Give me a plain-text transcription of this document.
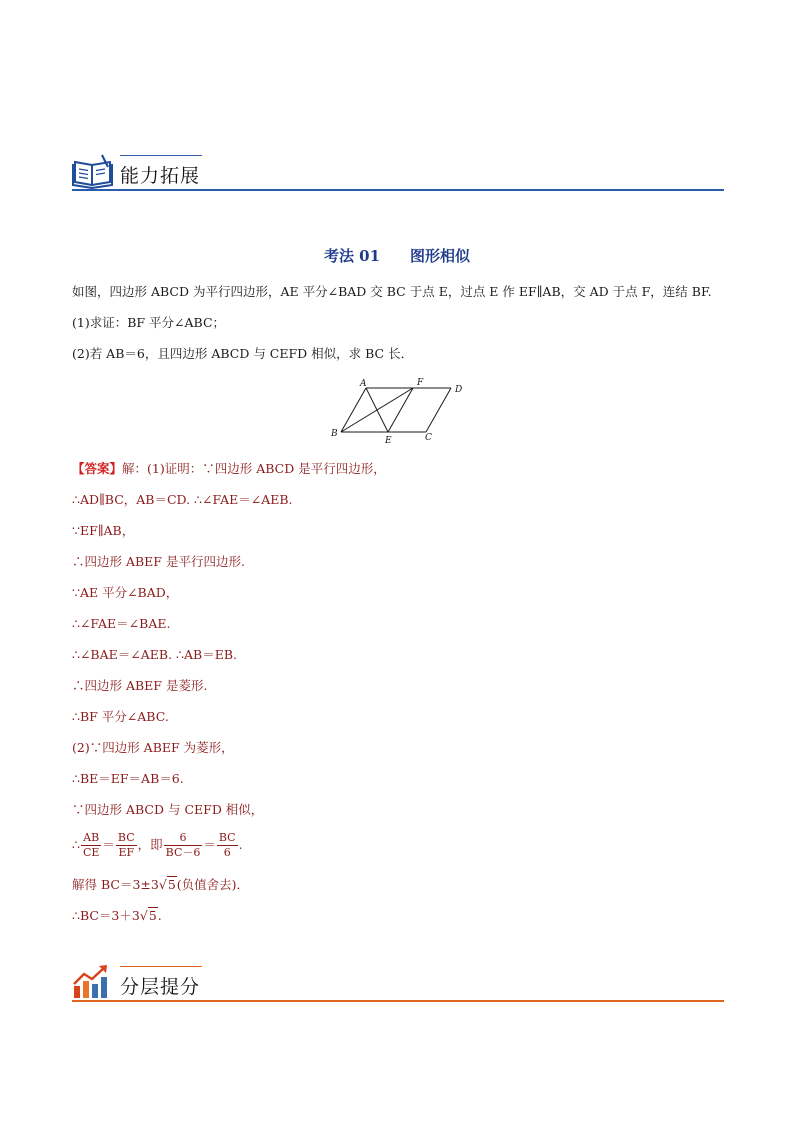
能力拓展
考法 01 图形相似
如图，四边形 ABCD 为平行四边形，AE 平分∠BAD 交 BC 于点 E，过点 E 作 EF∥AB，交 AD 于点 F，连结 BF.
(1)求证：BF 平分∠ABC；
(2)若 AB＝6，且四边形 ABCD 与 CEFD 相似，求 BC 长．
A	F
D
B
E	C
【答案】解：(1)证明：∵四边形 ABCD 是平行四边形，
∴AD∥BC，AB＝CD. ∴∠FAE＝∠AEB.
∵EF∥AB，
∴四边形 ABEF 是平行四边形.
∵AE 平分∠BAD，
∴∠FAE＝∠BAE.
∴∠BAE＝∠AEB. ∴AB＝EB.
∴四边形 ABEF 是菱形.
∴BF 平分∠ABC.
(2)∵四边形 ABEF 为菱形，
∴BE＝EF＝AB＝6.
∵四边形 ABCD 与 CEFD 相似，
∴ $\frac{AB}{CE} = \frac{BC}{EF}$ ，即 $\frac{6}{BC-6} = \frac{BC}{6}$ .
解得 BC＝3±3√5(负值舍去)．
∴BC＝3＋3√5.
分层提分
